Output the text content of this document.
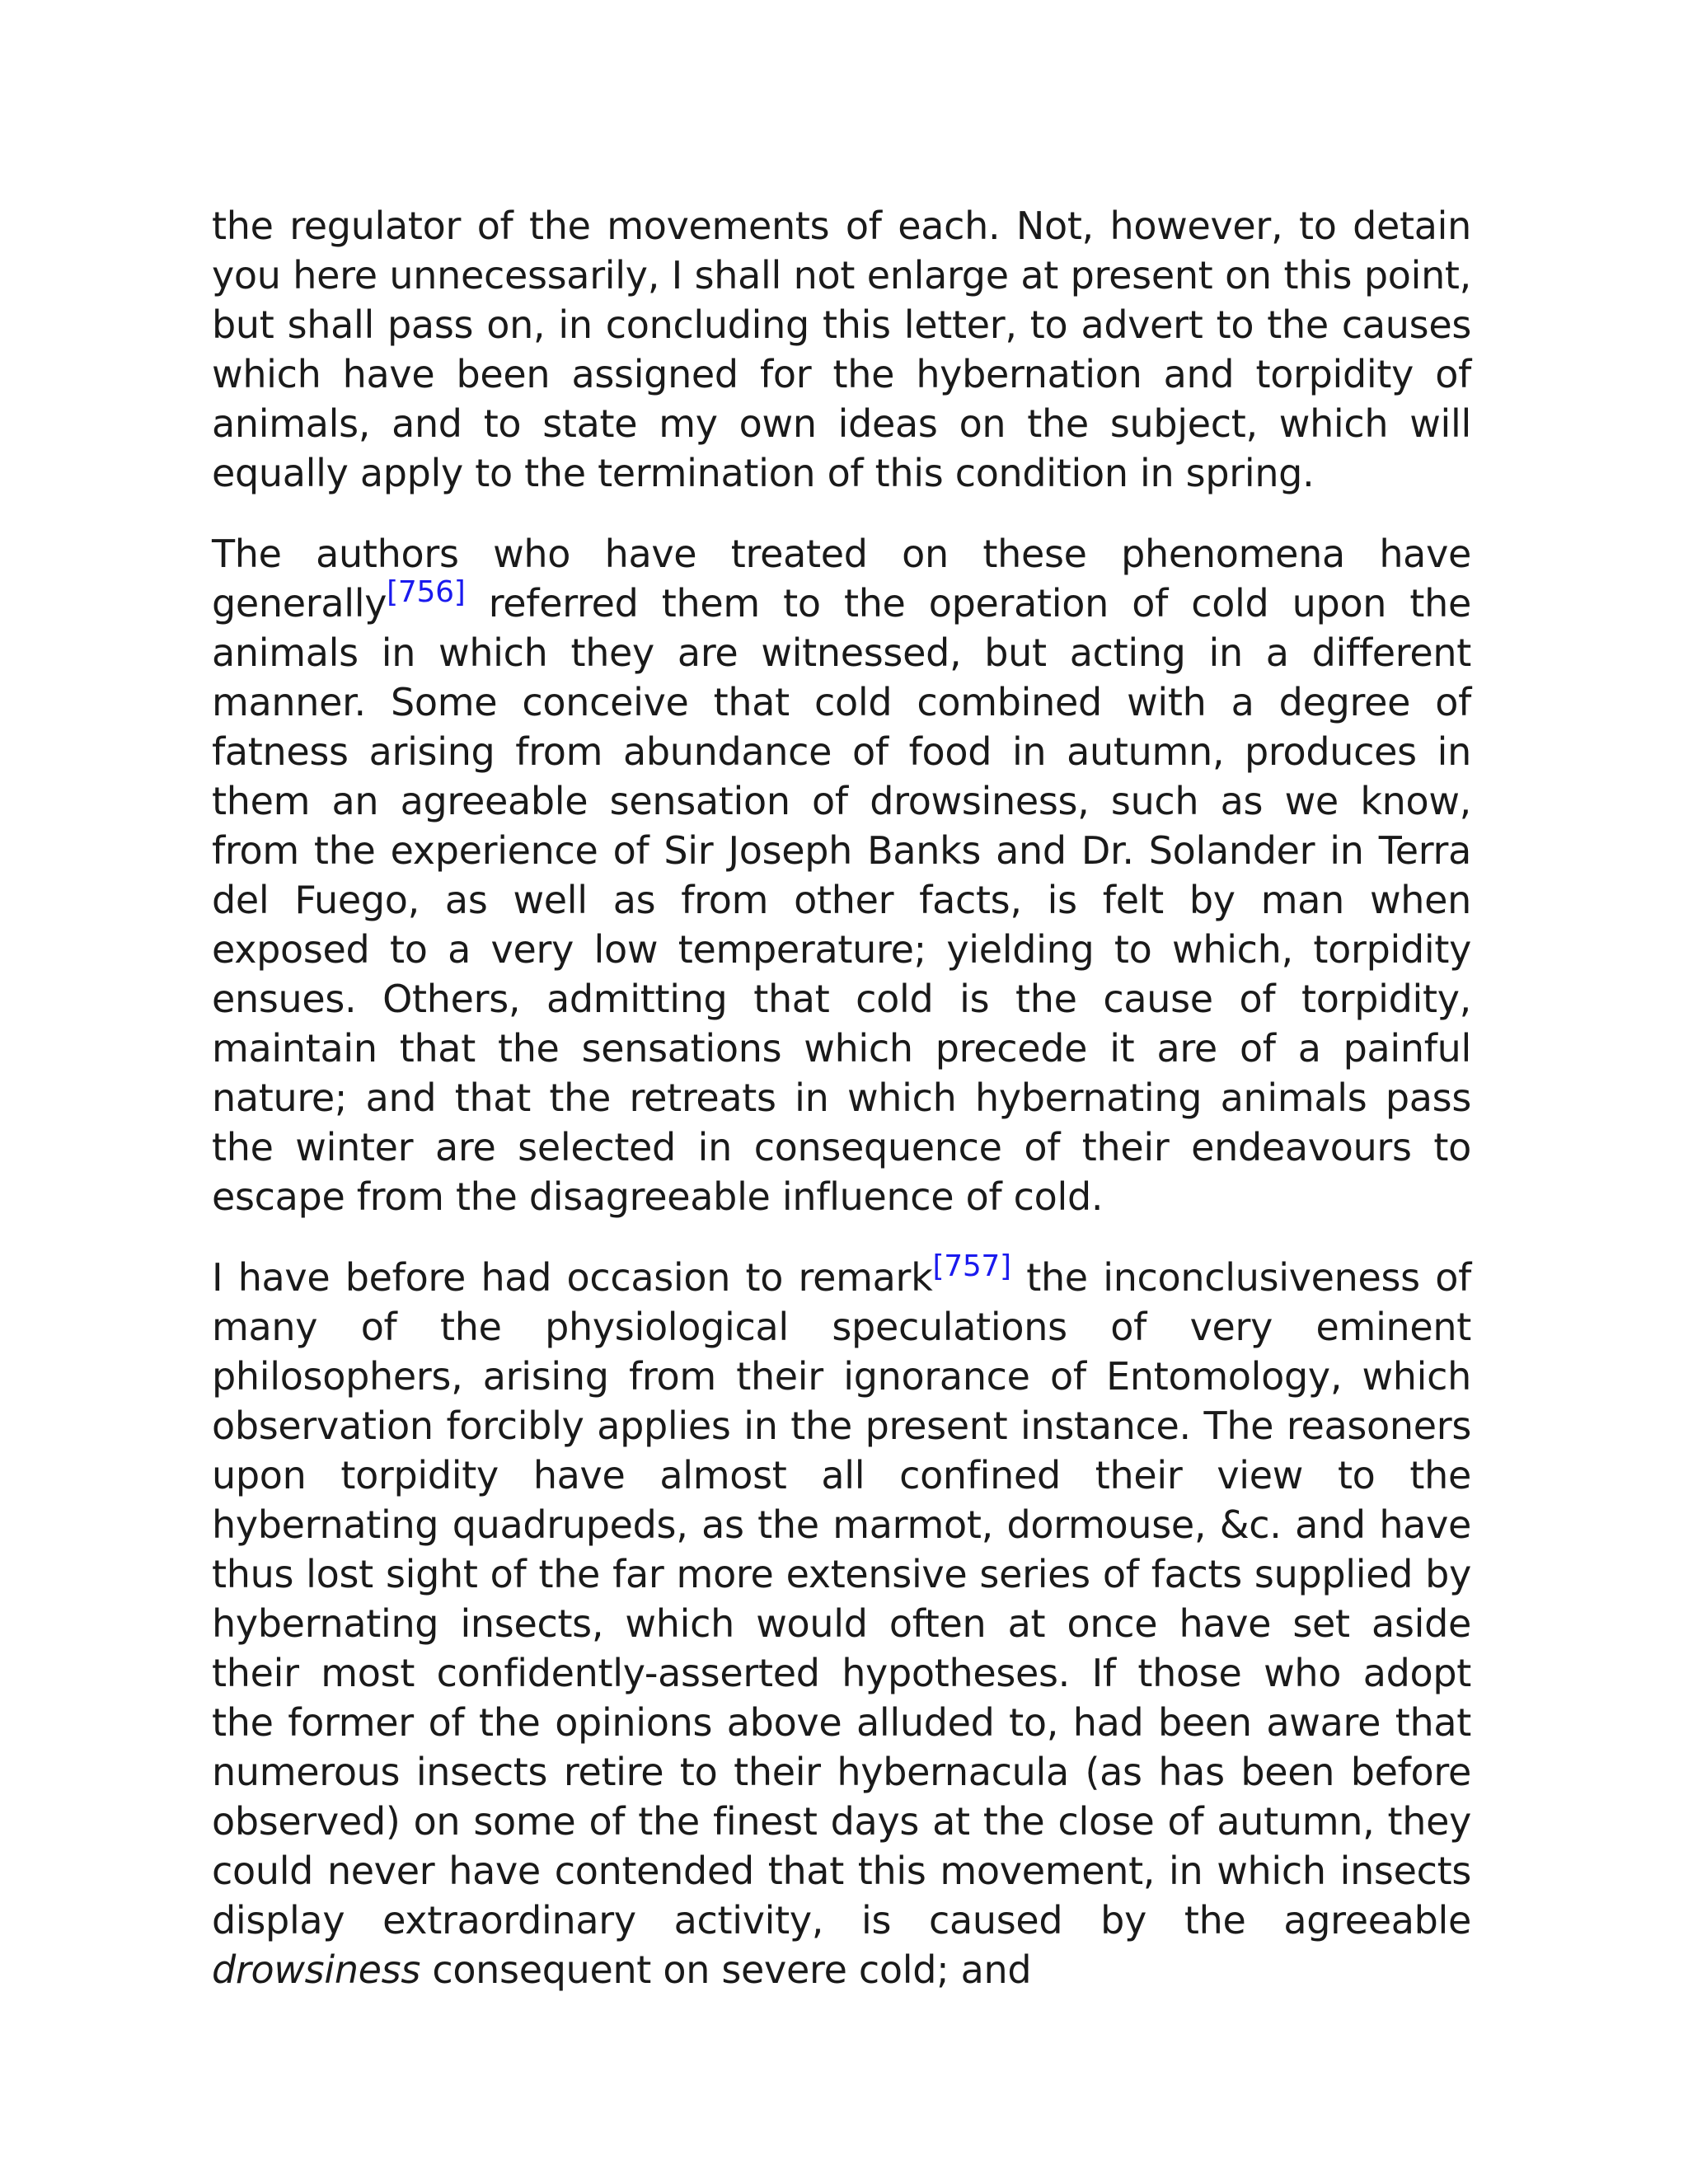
the regulator of the movements of each. Not, however, to detain you here unnecessarily, I shall not enlarge at present on this point, but shall pass on, in concluding this letter, to advert to the causes which have been assigned for the hybernation and torpidity of animals, and to state my own ideas on the subject, which will equally apply to the termination of this condition in spring.

The authors who have treated on these phenomena have generally[756] referred them to the operation of cold upon the animals in which they are witnessed, but acting in a different manner. Some conceive that cold combined with a degree of fatness arising from abundance of food in autumn, produces in them an agreeable sensation of drowsiness, such as we know, from the experience of Sir Joseph Banks and Dr. Solander in Terra del Fuego, as well as from other facts, is felt by man when exposed to a very low temperature; yielding to which, torpidity ensues. Others, admitting that cold is the cause of torpidity, maintain that the sensations which precede it are of a painful nature; and that the retreats in which hybernating animals pass the winter are selected in consequence of their endeavours to escape from the disagreeable influence of cold.

I have before had occasion to remark[757] the inconclusiveness of many of the physiological speculations of very eminent philosophers, arising from their ignorance of Entomology, which observation forcibly applies in the present instance. The reasoners upon torpidity have almost all confined their view to the hybernating quadrupeds, as the marmot, dormouse, &c. and have thus lost sight of the far more extensive series of facts supplied by hybernating insects, which would often at once have set aside their most confidently-asserted hypotheses. If those who adopt the former of the opinions above alluded to, had been aware that numerous insects retire to their hybernacula (as has been before observed) on some of the finest days at the close of autumn, they could never have contended that this movement, in which insects display extraordinary activity, is caused by the agreeable drowsiness consequent on severe cold; and
